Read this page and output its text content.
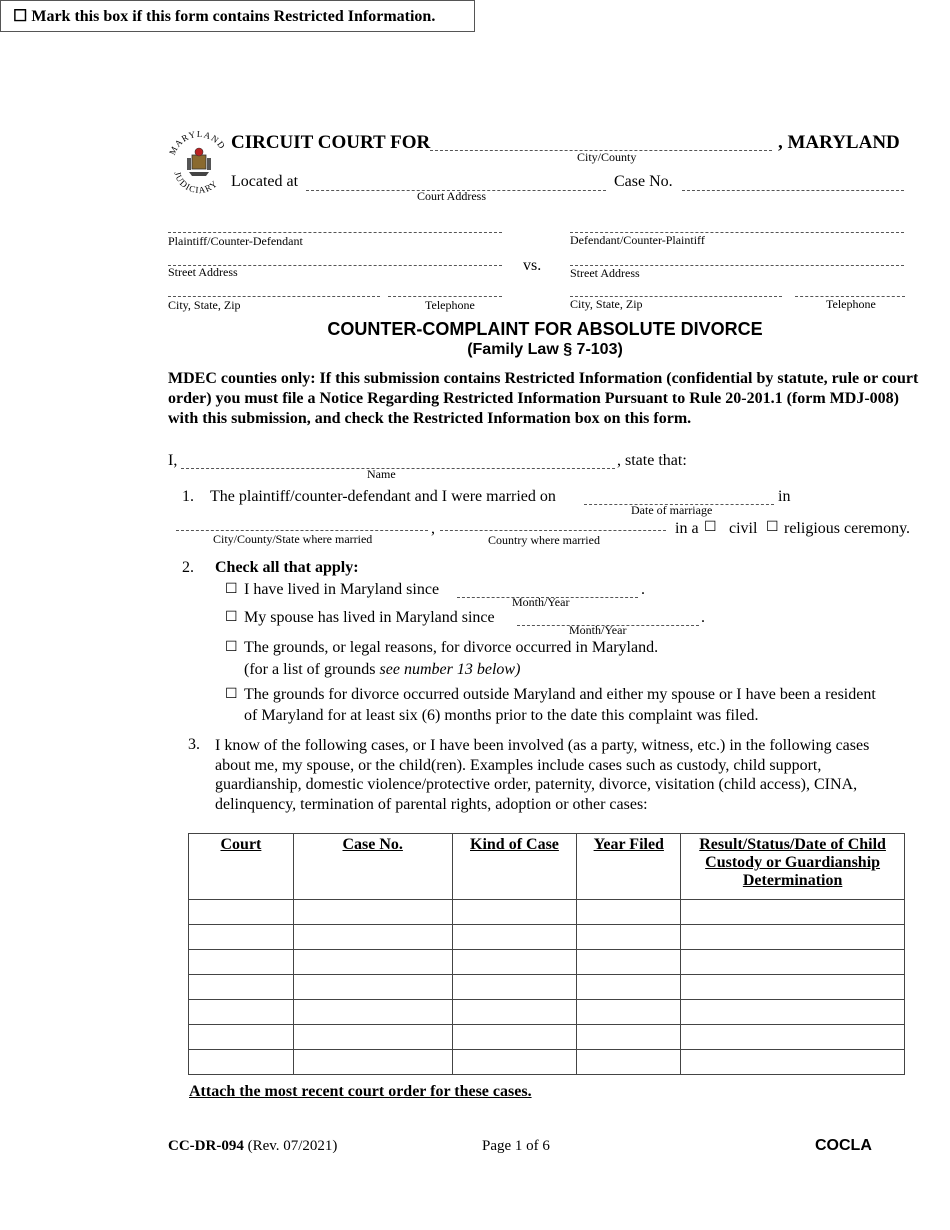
☐ Mark this box if this form contains Restricted Information.
MARYLAND
JUDICIARY
CIRCUIT COURT FOR	, MARYLAND
City/County
Located at
Court Address
Case No.
Plaintiff/Counter-Defendant	Defendant/Counter-Plaintiff
Street Address	vs. Street Address
City, State, Zip	Telephone	City, State, Zip	Telephone
COUNTER-COMPLAINT FOR ABSOLUTE DIVORCE
(Family Law § 7-103)
MDEC counties only: If this submission contains Restricted Information (confidential by statute, rule or court order) you must file a Notice Regarding Restricted Information Pursuant to Rule 20-201.1 (form MDJ-008) with this submission, and check the Restricted Information box on this form.
I,
Name
, state that:
1. The plaintiff/counter-defendant and I were married on
Date of marriage
in
City/County/State where married
,
Country where married
in a ☐ civil ☐ religious ceremony.
2. Check all that apply:
☐ I have lived in Maryland since
Month/Year
.
☐ My spouse has lived in Maryland since
Month/Year
.
☐ The grounds, or legal reasons, for divorce occurred in Maryland.
(for a list of grounds see number 13 below)
☐ The grounds for divorce occurred outside Maryland and either my spouse or I have been a resident
of Maryland for at least six (6) months prior to the date this complaint was filed.
3. I know of the following cases, or I have been involved (as a party, witness, etc.) in the following cases
about me, my spouse, or the child(ren). Examples include cases such as custody, child support,
guardianship, domestic violence/protective order, paternity, divorce, visitation (child access), CINA,
delinquency, termination of parental rights, adoption or other cases:
Court	Case No.	Kind of Case	Year Filed	Result/Status/Date of Child Custody or Guardianship Determination

Attach the most recent court order for these cases.
CC-DR-094 (Rev. 07/2021)	Page 1 of 6	COCLA
